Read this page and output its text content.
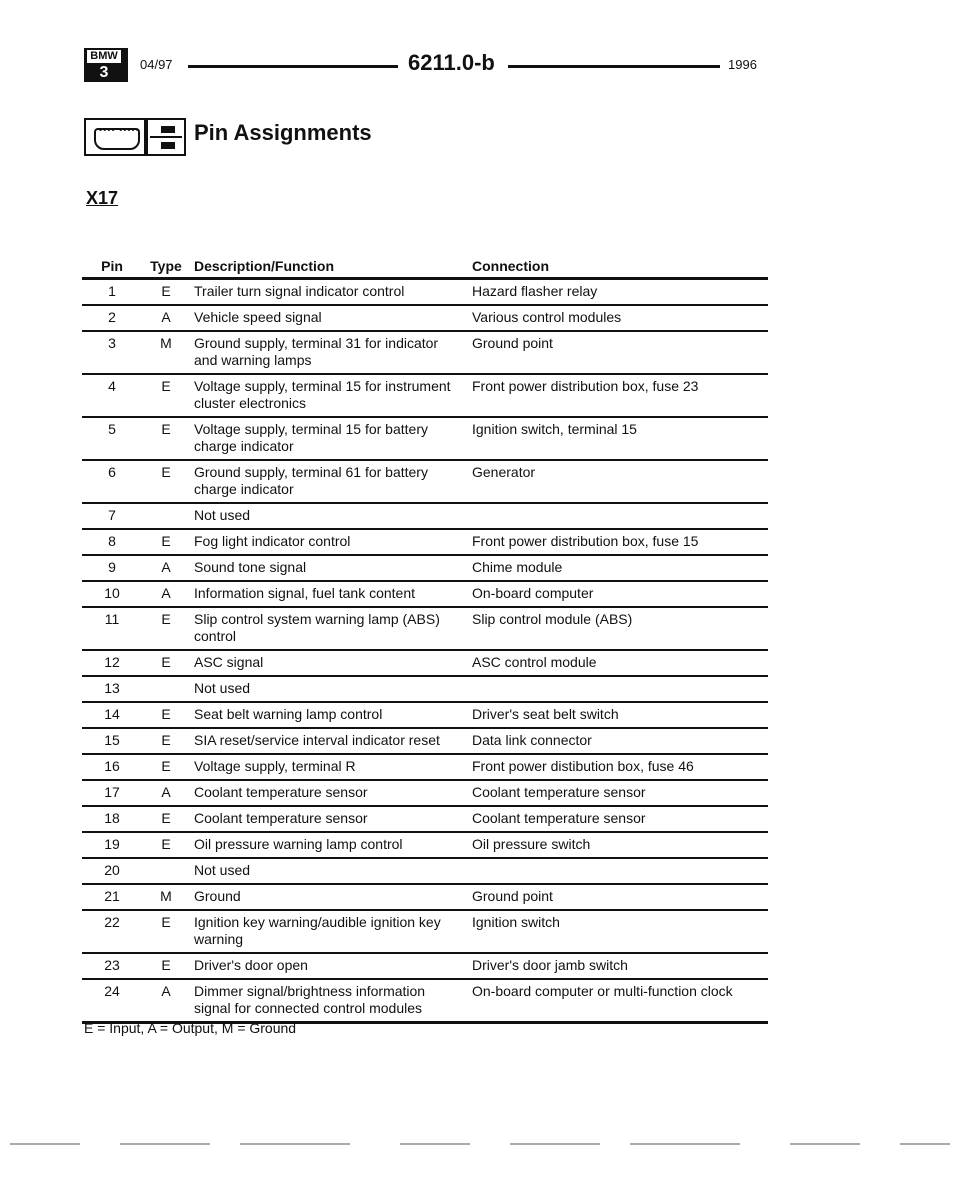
BMW
3	04/97	6211.0-b	1996
•••• ••••• Pin Assignments
X17
Pin	Type	Description/Function	Connection
1	E	Trailer turn signal indicator control	Hazard flasher relay
2	A	Vehicle speed signal	Various control modules
3	M	Ground supply, terminal 31 for indicator and warning lamps	Ground point
4	E	Voltage supply, terminal 15 for instrument cluster electronics	Front power distribution box, fuse 23
5	E	Voltage supply, terminal 15 for battery charge indicator	Ignition switch, terminal 15
6	E	Ground supply, terminal 61 for battery charge indicator	Generator
7		Not used	
8	E	Fog light indicator control	Front power distribution box, fuse 15
9	A	Sound tone signal	Chime module
10	A	Information signal, fuel tank content	On-board computer
11	E	Slip control system warning lamp (ABS) control	Slip control module (ABS)
12	E	ASC signal	ASC control module
13		Not used	
14	E	Seat belt warning lamp control	Driver's seat belt switch
15	E	SIA reset/service interval indicator reset	Data link connector
16	E	Voltage supply, terminal R	Front power distibution box, fuse 46
17	A	Coolant temperature sensor	Coolant temperature sensor
18	E	Coolant temperature sensor	Coolant temperature sensor
19	E	Oil pressure warning lamp control	Oil pressure switch
20		Not used	
21	M	Ground	Ground point
22	E	Ignition key warning/audible ignition key warning	Ignition switch
23	E	Driver's door open	Driver's door jamb switch
24	A	Dimmer signal/brightness information signal for connected control modules	On-board computer or multi-function clock
E = Input, A = Output, M = Ground
